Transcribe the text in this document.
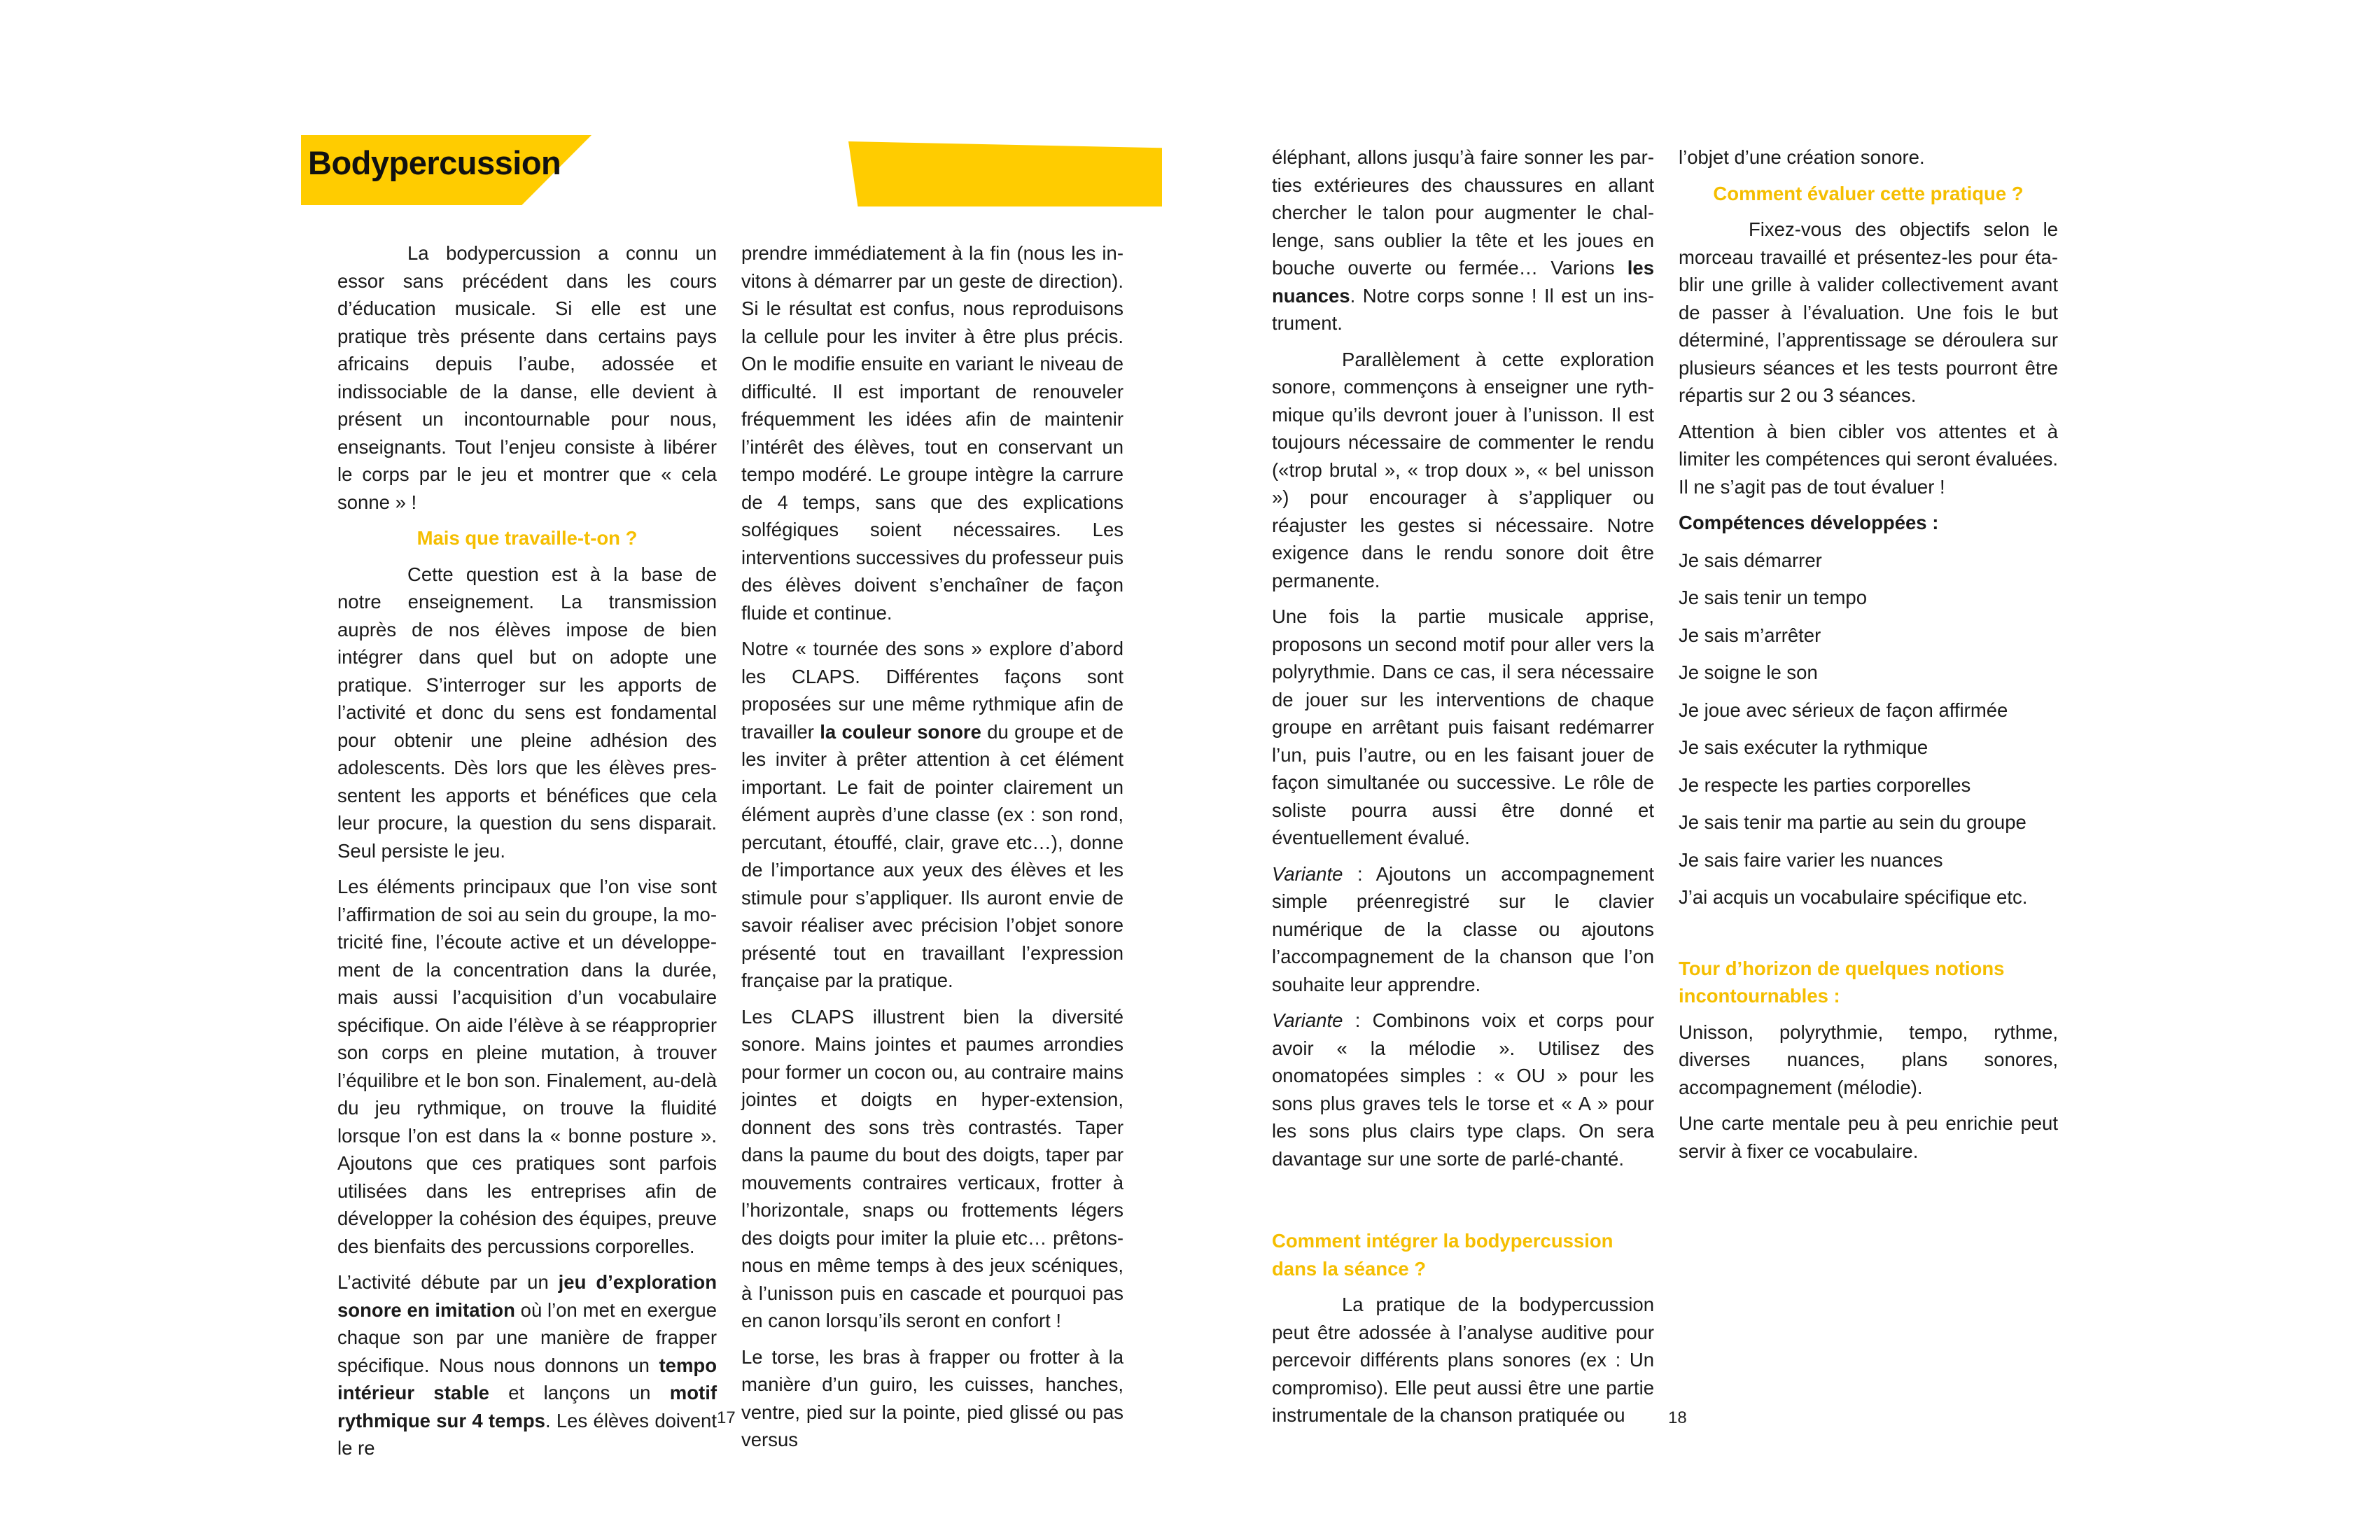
Bodypercussion

La bodypercussion a connu un essor sans précédent dans les cours d’éducation musicale. Si elle est une pratique très présente dans certains pays africains depuis l’aube, adossée et indissociable de la danse, elle devient à présent un incontournable pour nous, enseignants. Tout l’enjeu consiste à libérer le corps par le jeu et montrer que « cela sonne » !

Mais que travaille-t-on ?

Cette question est à la base de notre enseignement. La transmission auprès de nos élèves impose de bien intégrer dans quel but on adopte une pratique. S’interroger sur les apports de l’activité et donc du sens est fondamental pour obtenir une pleine adhésion des adolescents. Dès lors que les élèves pressentent les apports et bénéfices que cela leur procure, la question du sens disparait. Seul persiste le jeu.

Les éléments principaux que l’on vise sont l’affirmation de soi au sein du groupe, la motricité fine, l’écoute active et un développement de la concentration dans la durée, mais aussi l’acquisition d’un vocabulaire spécifique. On aide l’élève à se réapproprier son corps en pleine mutation, à trouver l’équilibre et le bon son. Finalement, au-delà du jeu rythmique, on trouve la fluidité lorsque l’on est dans la « bonne posture ». Ajoutons que ces pratiques sont parfois utilisées dans les entreprises afin de développer la cohésion des équipes, preuve des bienfaits des percussions corporelles.

L’activité débute par un jeu d’exploration sonore en imitation où l’on met en exergue chaque son par une manière de frapper spécifique. Nous nous donnons un tempo intérieur stable et lançons un motif rythmique sur 4 temps. Les élèves doivent le re

prendre immédiatement à la fin (nous les invitons à démarrer par un geste de direction). Si le résultat est confus, nous reproduisons la cellule pour les inviter à être plus précis. On le modifie ensuite en variant le niveau de difficulté. Il est important de renouveler fréquemment les idées afin de maintenir l’intérêt des élèves, tout en conservant un tempo modéré. Le groupe intègre la carrure de 4 temps, sans que des explications solfégiques soient nécessaires. Les interventions successives du professeur puis des élèves doivent s’enchaîner de façon fluide et continue.

Notre « tournée des sons » explore d’abord les CLAPS. Différentes façons sont proposées sur une même rythmique afin de travailler la couleur sonore du groupe et de les inviter à prêter attention à cet élément important. Le fait de pointer clairement un élément auprès d’une classe (ex : son rond, percutant, étouffé, clair, grave etc…), donne de l’importance aux yeux des élèves et les stimule pour s’appliquer. Ils auront envie de savoir réaliser avec précision l’objet sonore présenté tout en travaillant l’expression française par la pratique.

Les CLAPS illustrent bien la diversité sonore. Mains jointes et paumes arrondies pour former un cocon ou, au contraire mains jointes et doigts en hyper-extension, donnent des sons très contrastés. Taper dans la paume du bout des doigts, taper par mouvements contraires verticaux, frotter à l’horizontale, snaps ou frottements légers des doigts pour imiter la pluie etc… prêtons-nous en même temps à des jeux scéniques, à l’unisson puis en cascade et pourquoi pas en canon lorsqu’ils seront en confort !

Le torse, les bras à frapper ou frotter à la manière d’un guiro, les cuisses, hanches, ventre, pied sur la pointe, pied glissé ou pas versus

éléphant, allons jusqu’à faire sonner les parties extérieures des chaussures en allant chercher le talon pour augmenter le challenge, sans oublier la tête et les joues en bouche ouverte ou fermée… Varions les nuances. Notre corps sonne ! Il est un instrument.

Parallèlement à cette exploration sonore, commençons à enseigner une rythmique qu’ils devront jouer à l’unisson. Il est toujours nécessaire de commenter le rendu («trop brutal », « trop doux », « bel unisson ») pour encourager à s’appliquer ou réajuster les gestes si nécessaire. Notre exigence dans le rendu sonore doit être permanente.

Une fois la partie musicale apprise, proposons un second motif pour aller vers la polyrythmie. Dans ce cas, il sera nécessaire de jouer sur les interventions de chaque groupe en arrêtant puis faisant redémarrer l’un, puis l’autre, ou en les faisant jouer de façon simultanée ou successive. Le rôle de soliste pourra aussi être donné et éventuellement évalué.

Variante : Ajoutons un accompagnement simple préenregistré sur le clavier numérique de la classe ou ajoutons l’accompagnement de la chanson que l’on souhaite leur apprendre.

Variante : Combinons voix et corps pour avoir « la mélodie ». Utilisez des onomatopées simples : « OU » pour les sons plus graves tels le torse et « A » pour les sons plus clairs type claps. On sera davantage sur une sorte de parlé-chanté.

Comment intégrer la bodypercussion dans la séance ?

La pratique de la bodypercussion peut être adossée à l’analyse auditive pour percevoir différents plans sonores (ex : Un compromiso). Elle peut aussi être une partie instrumentale de la chanson pratiquée ou

l’objet d’une création sonore.

Comment évaluer cette pratique ?

Fixez-vous des objectifs selon le morceau travaillé et présentez-les pour établir une grille à valider collectivement avant de passer à l’évaluation. Une fois le but déterminé, l’apprentissage se déroulera sur plusieurs séances et les tests pourront être répartis sur 2 ou 3 séances.

Attention à bien cibler vos attentes et à limiter les compétences qui seront évaluées. Il ne s’agit pas de tout évaluer !

Compétences développées :

Je sais démarrer

Je sais tenir un tempo

Je sais m’arrêter

Je soigne le son

Je joue avec sérieux de façon affirmée

Je sais exécuter la rythmique

Je respecte les parties corporelles

Je sais tenir ma partie au sein du groupe

Je sais faire varier les nuances

J’ai acquis un vocabulaire spécifique etc.

Tour d’horizon de quelques notions incontournables :

Unisson, polyrythmie, tempo, rythme, diverses nuances, plans sonores, accompagnement (mélodie).

Une carte mentale peu à peu enrichie peut servir à fixer ce vocabulaire.

17	18
